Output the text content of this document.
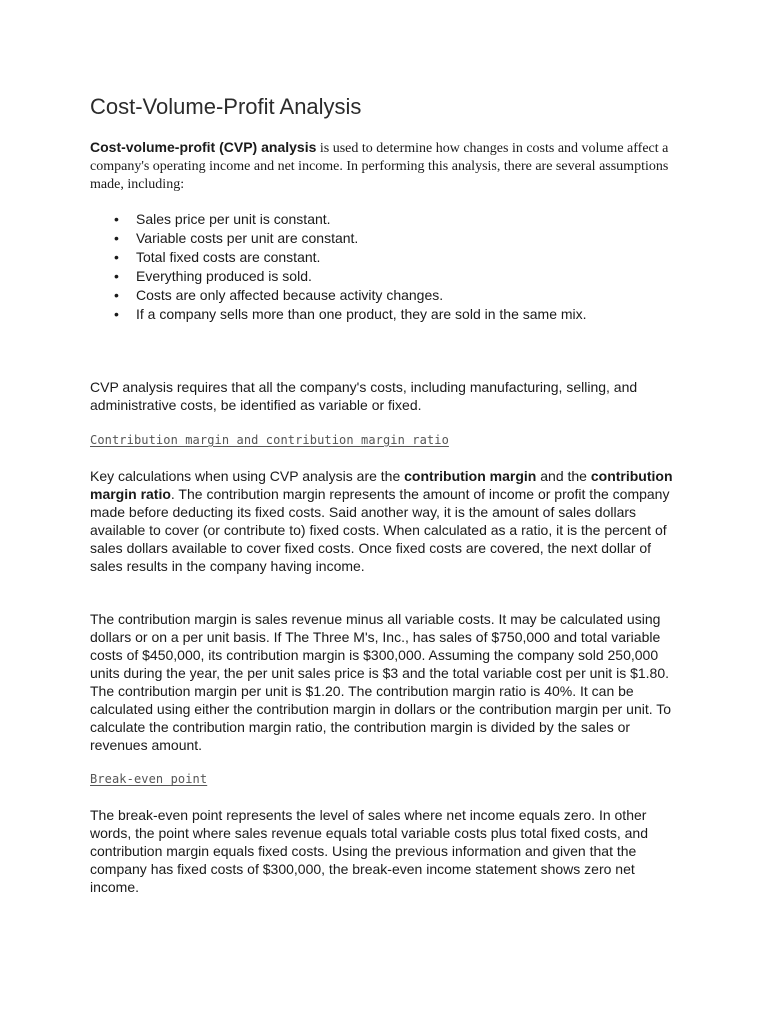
Cost-Volume-Profit Analysis

Cost-volume-profit (CVP) analysis is used to determine how changes in costs and volume affect a company's operating income and net income. In performing this analysis, there are several assumptions made, including:

• Sales price per unit is constant.
• Variable costs per unit are constant.
• Total fixed costs are constant.
• Everything produced is sold.
• Costs are only affected because activity changes.
• If a company sells more than one product, they are sold in the same mix.

CVP analysis requires that all the company's costs, including manufacturing, selling, and administrative costs, be identified as variable or fixed.

Contribution margin and contribution margin ratio

Key calculations when using CVP analysis are the contribution margin and the contribution margin ratio. The contribution margin represents the amount of income or profit the company made before deducting its fixed costs. Said another way, it is the amount of sales dollars available to cover (or contribute to) fixed costs. When calculated as a ratio, it is the percent of sales dollars available to cover fixed costs. Once fixed costs are covered, the next dollar of sales results in the company having income.

The contribution margin is sales revenue minus all variable costs. It may be calculated using dollars or on a per unit basis. If The Three M's, Inc., has sales of $750,000 and total variable costs of $450,000, its contribution margin is $300,000. Assuming the company sold 250,000 units during the year, the per unit sales price is $3 and the total variable cost per unit is $1.80. The contribution margin per unit is $1.20. The contribution margin ratio is 40%. It can be calculated using either the contribution margin in dollars or the contribution margin per unit. To calculate the contribution margin ratio, the contribution margin is divided by the sales or revenues amount.

Break-even point

The break-even point represents the level of sales where net income equals zero. In other words, the point where sales revenue equals total variable costs plus total fixed costs, and contribution margin equals fixed costs. Using the previous information and given that the company has fixed costs of $300,000, the break-even income statement shows zero net income.
